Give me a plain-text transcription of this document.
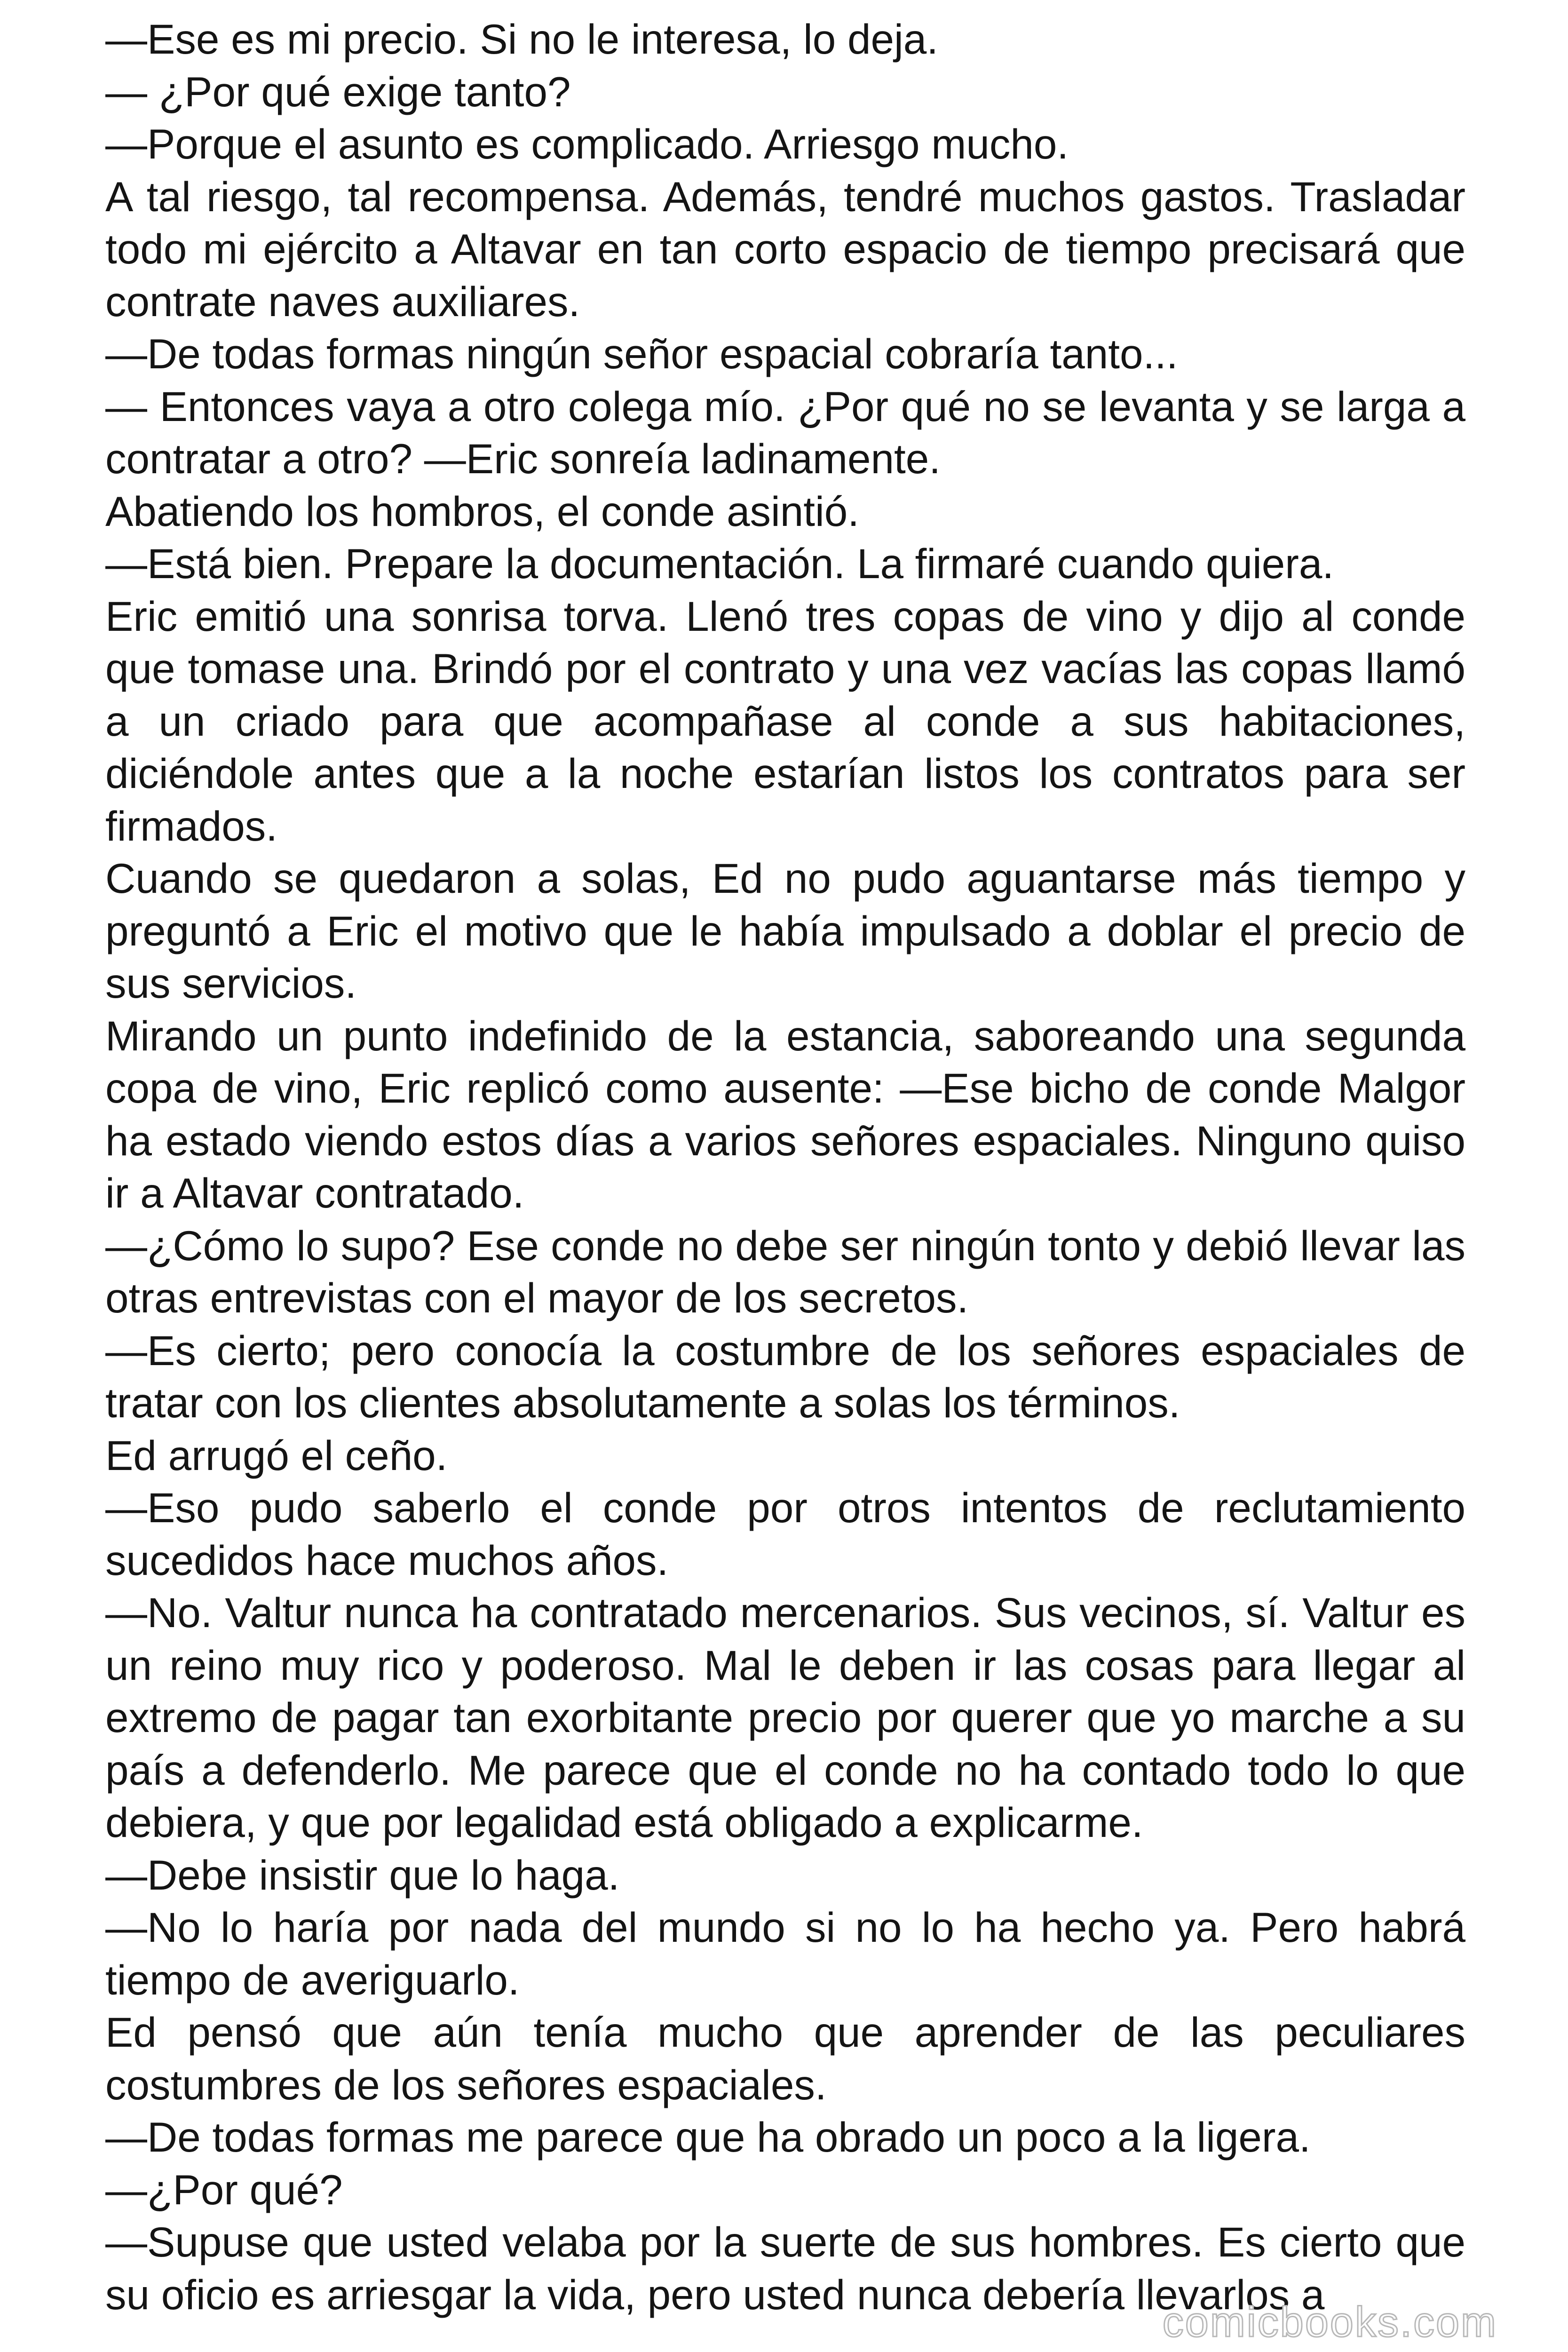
—Ese es mi precio. Si no le interesa, lo deja.

— ¿Por qué exige tanto?

—Porque el asunto es complicado. Arriesgo mucho.

A tal riesgo, tal recompensa. Además, tendré muchos gastos. Trasladar todo mi ejército a Altavar en tan corto espacio de tiempo precisará que contrate naves auxiliares.

—De todas formas ningún señor espacial cobraría tanto...

— Entonces vaya a otro colega mío. ¿Por qué no se levanta y se larga a contratar a otro? —Eric sonreía ladinamente.

Abatiendo los hombros, el conde asintió.

—Está bien. Prepare la documentación. La firmaré cuando quiera.

Eric emitió una sonrisa torva. Llenó tres copas de vino y dijo al conde que tomase una. Brindó por el contrato y una vez vacías las copas llamó a un criado para que acompañase al conde a sus habitaciones, diciéndole antes que a la noche estarían listos los contratos para ser firmados.

Cuando se quedaron a solas, Ed no pudo aguantarse más tiempo y preguntó a Eric el motivo que le había impulsado a doblar el precio de sus servicios.

Mirando un punto indefinido de la estancia, saboreando una segunda copa de vino, Eric replicó como ausente: —Ese bicho de conde Malgor ha estado viendo estos días a varios señores espaciales. Ninguno quiso ir a Altavar contratado.

—¿Cómo lo supo? Ese conde no debe ser ningún tonto y debió llevar las otras entrevistas con el mayor de los secretos.

—Es cierto; pero conocía la costumbre de los señores espaciales de tratar con los clientes absolutamente a solas los términos.

Ed arrugó el ceño.

—Eso pudo saberlo el conde por otros intentos de reclutamiento sucedidos hace muchos años.

—No. Valtur nunca ha contratado mercenarios. Sus vecinos, sí. Valtur es un reino muy rico y poderoso. Mal le deben ir las cosas para llegar al extremo de pagar tan exorbitante precio por querer que yo marche a su país a defenderlo. Me parece que el conde no ha contado todo lo que debiera, y que por legalidad está obligado a explicarme.

—Debe insistir que lo haga.

—No lo haría por nada del mundo si no lo ha hecho ya. Pero habrá tiempo de averiguarlo.

Ed pensó que aún tenía mucho que aprender de las peculiares costumbres de los señores espaciales.

—De todas formas me parece que ha obrado un poco a la ligera.

—¿Por qué?

—Supuse que usted velaba por la suerte de sus hombres. Es cierto que su oficio es arriesgar la vida, pero usted nunca debería llevarlos a

comicbooks.com
